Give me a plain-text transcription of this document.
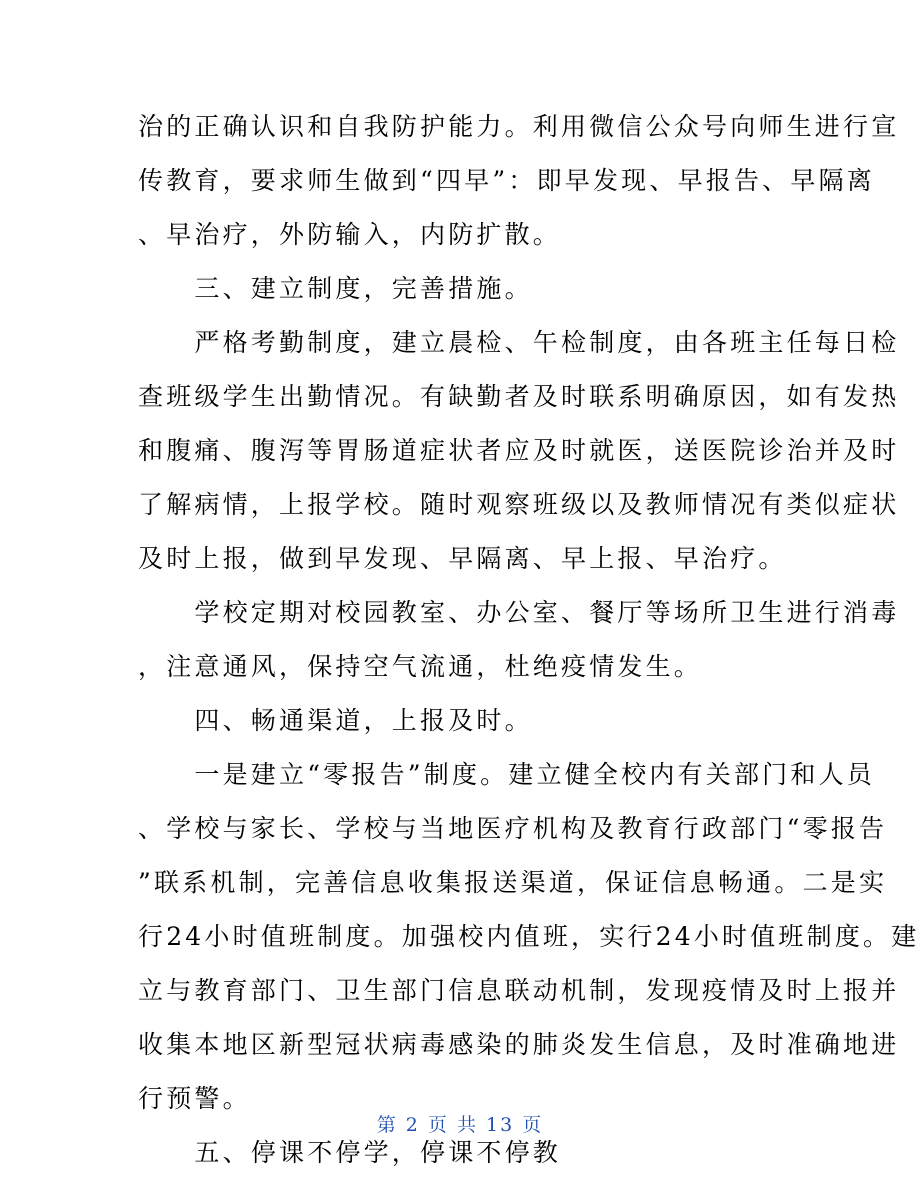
治的正确认识和自我防护能力。利用微信公众号向师生进行宣
传教育，要求师生做到“四早”：即早发现、早报告、早隔离
、早治疗，外防输入，内防扩散。
　　三、建立制度，完善措施。
　　严格考勤制度，建立晨检、午检制度，由各班主任每日检
查班级学生出勤情况。有缺勤者及时联系明确原因，如有发热
和腹痛、腹泻等胃肠道症状者应及时就医，送医院诊治并及时
了解病情，上报学校。随时观察班级以及教师情况有类似症状
及时上报，做到早发现、早隔离、早上报、早治疗。
　　学校定期对校园教室、办公室、餐厅等场所卫生进行消毒
，注意通风，保持空气流通，杜绝疫情发生。
　　四、畅通渠道，上报及时。
　　一是建立“零报告”制度。建立健全校内有关部门和人员
、学校与家长、学校与当地医疗机构及教育行政部门“零报告
”联系机制，完善信息收集报送渠道，保证信息畅通。二是实
行24小时值班制度。加强校内值班，实行24小时值班制度。建
立与教育部门、卫生部门信息联动机制，发现疫情及时上报并
收集本地区新型冠状病毒感染的肺炎发生信息，及时准确地进
行预警。
　　五、停课不停学，停课不停教
第 2 页 共 13 页
